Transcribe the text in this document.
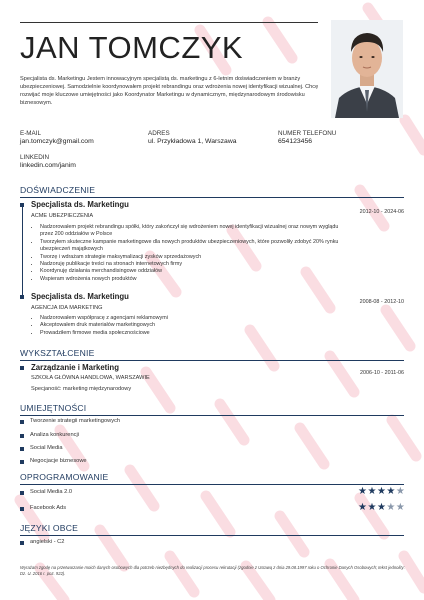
JAN TOMCZYK
Specjalista ds. Marketingu Jestem innowacyjnym specjalistą ds. marketingu z 6-letnim doświadczeniem w branży ubezpieczeniowej. Samodzielnie koordynowałem projekt rebrandingu oraz wdrożenia nowej identyfikacji wizualnej. Chcę rozwijać moje kluczowe umiejętności jako Koordynator Marketingu w dynamicznym, międzynarodowym środowisku biznesowym.
E-MAIL
jan.tomczyk@gmail.com
ADRES
ul. Przykładowa 1, Warszawa
NUMER TELEFONU
654123456
LINKEDIN
linkedin.com/janim
DOŚWIADCZENIE
Specjalista ds. Marketingu
ACME UBEZPIECZENIA
2012-10 - 2024-06
• Nadzorowałem projekt rebrandingu spółki, który zakończył się wdrożeniem nowej identyfikacji wizualnej oraz nowym wyglądu przez 200 oddziałów w Polsce
• Tworzyłem skuteczne kampanie marketingowe dla nowych produktów ubezpieczeniowych, które pozwoliły zdobyć 20% rynku ubezpieczeń majątkowych
• Tworzę i wdrażam strategie maksymalizacji zysków sprzedażowych
• Nadzoruję publikacje treści na stronach internetowych firmy
• Koordynuję działania merchandisingowe oddziałów
• Wspieram wdrożenia nowych produktów
Specjalista ds. Marketingu
AGENCJA IDA MARKETING
2008-08 - 2012-10
• Nadzorowałem współpracę z agencjami reklamowymi
• Akceptowałem druk materiałów marketingowych
• Prowadziłem firmowe media społecznościowe
WYKSZTAŁCENIE
Zarządzanie i Marketing
SZKOŁA GŁÓWNA HANDLOWA, WARSZAWIE
Specjaność: marketing międzynarodowy
2006-10 - 2011-06
UMIEJĘTNOŚCI
Tworzenie strategii marketingowych
Analiza konkurencji
Social Media
Negocjacje biznesowe
OPROGRAMOWANIE
Social Media 2.0	★★★★★
Facebook Ads	★★★★★
JĘZYKI OBCE
angielski - C2
Wyrażam zgodę na przetwarzanie moich danych osobowych dla potrzeb niezbędnych do realizacji procesu rekrutacji (zgodnie z Ustawą z dnia 29.08.1997 roku o Ochronie Danych Osobowych; tekst jednolity: Dz. U. 2016 r. poz. 922).
